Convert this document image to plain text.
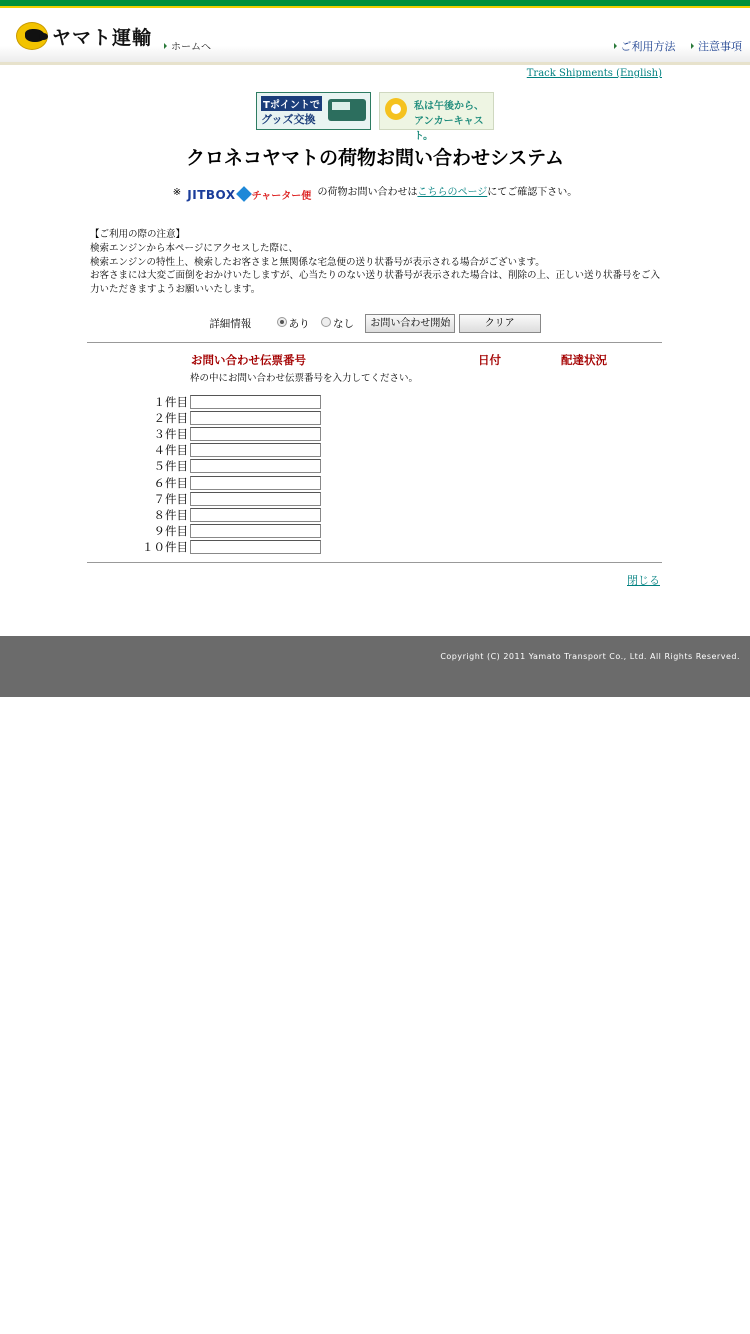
ヤマト運輸	ホームへ	ご利用方法 注意事項
Track Shipments (English)
Tポイントで
グッズ交換
私は午後から、
アンカーキャスト。
クロネコヤマトの荷物お問い合わせシステム
※ JITBOX チャーター便 の荷物お問い合わせはこちらのページにてご確認下さい。
【ご利用の際の注意】
検索エンジンから本ページにアクセスした際に、
検索エンジンの特性上、検索したお客さまと無関係な宅急便の送り状番号が表示される場合がございます。
お客さまには大変ご面倒をおかけいたしますが、心当たりのない送り状番号が表示された場合は、削除の上、正しい送り状番号をご入力いただきますようお願いいたします。
詳細情報	あり なし お問い合わせ開始	クリア
お問い合わせ伝票番号	日付	配達状況
枠の中にお問い合わせ伝票番号を入力してください。
１件目
２件目
３件目
４件目
５件目
６件目
７件目
８件目
９件目
１０件目
閉じる
Copyright (C) 2011 Yamato Transport Co., Ltd. All Rights Reserved.
